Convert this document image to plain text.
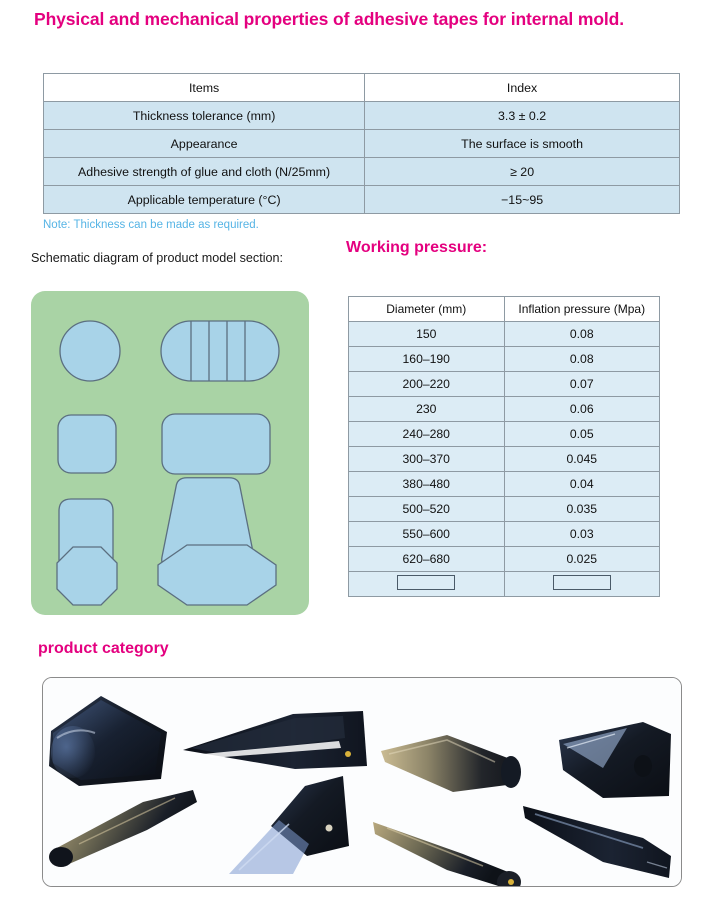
Physical and mechanical properties of adhesive tapes for internal mold.
Items	Index
Thickness tolerance (mm)	3.3 ± 0.2
Appearance	The surface is smooth
Adhesive strength of glue and cloth (N/25mm)	≥ 20
Applicable temperature (°C)	−15~95
Note: Thickness can be made as required.
Schematic diagram of product model section:
Working pressure:
Diameter (mm)	Inflation pressure (Mpa)
150	0.08
160–190	0.08
200–220	0.07
230	0.06
240–280	0.05
300–370	0.045
380–480	0.04
500–520	0.035
550–600	0.03
620–680	0.025

product category
